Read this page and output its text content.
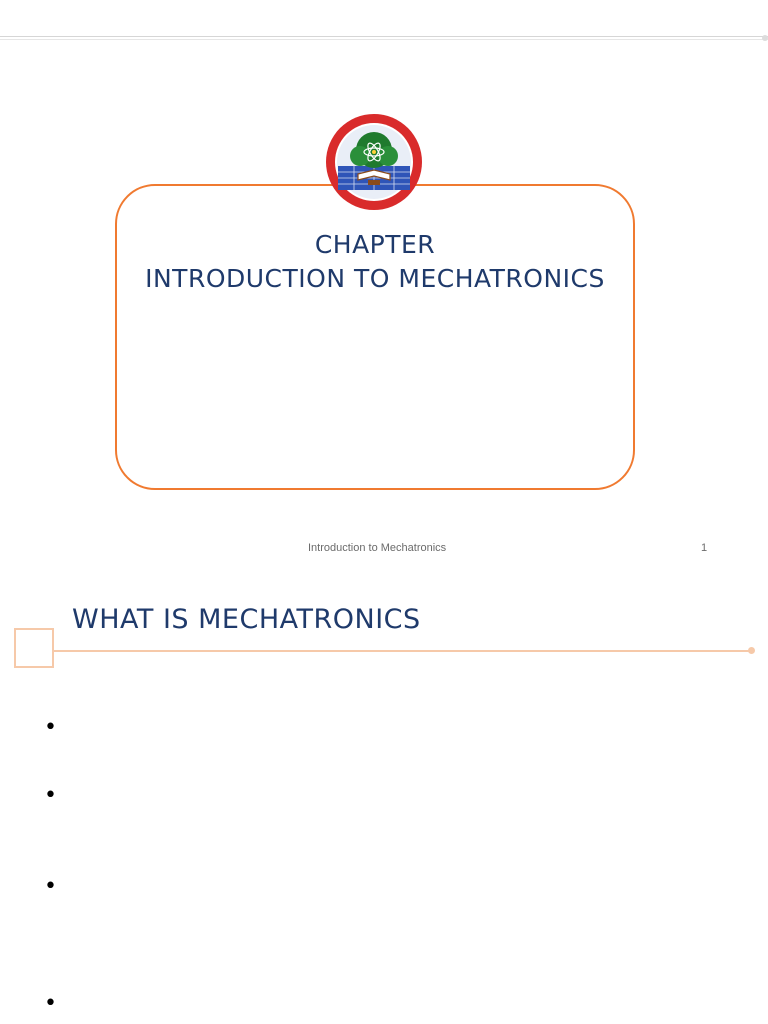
CHAPTER
INTRODUCTION TO MECHATRONICS
Introduction to Mechatronics	1
WHAT IS MECHATRONICS
•
•
•
•
